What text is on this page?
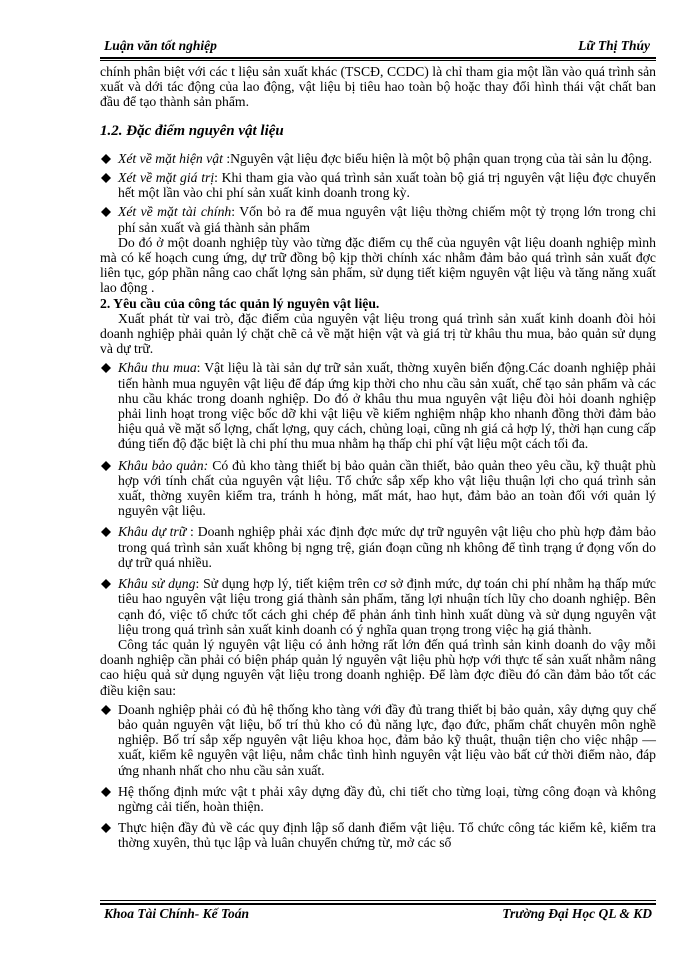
Luận văn tốt nghiệp	Lữ Thị Thúy

chính phân biệt với các t liệu sản xuất khác (TSCĐ, CCDC) là chỉ tham gia một lần vào quá trình sản xuất và dới tác động của lao động, vật liệu bị tiêu hao toàn bộ hoặc thay đổi hình thái vật chất ban đầu để tạo thành sản phẩm.

1.2. Đặc điểm nguyên vật liệu

Xét về mặt hiện vật :Nguyên vật liệu đợc biểu hiện là một bộ phận quan trọng của tài sản lu động.

Xét về mặt giá trị: Khi tham gia vào quá trình sản xuất toàn bộ giá trị nguyên vật liệu đợc chuyển hết một lần vào chi phí sản xuất kinh doanh trong kỳ.

Xét về mặt tài chính: Vốn bỏ ra để mua nguyên vật liệu thờng chiếm một tỷ trọng lớn trong chi phí sản xuất và giá thành sản phẩm

Do đó ở một doanh nghiệp tùy vào từng đặc điểm cụ thể của nguyên vật liệu doanh nghiệp mình mà có kế hoạch cung ứng, dự trữ đồng bộ kịp thời chính xác nhằm đảm bảo quá trình sản xuất đợc liên tục, góp phần nâng cao chất lợng sản phẩm, sử dụng tiết kiệm nguyên vật liệu và tăng năng xuất lao động .

2. Yêu cầu của công tác quản lý nguyên vật liệu.

Xuất phát từ vai trò, đặc điểm của nguyên vật liệu trong quá trình sản xuất kinh doanh đòi hỏi doanh nghiệp phải quản lý chặt chẽ cả về mặt hiện vật và giá trị từ khâu thu mua, bảo quản sử dụng và dự trữ.

Khâu thu mua: Vật liệu là tài sản dự trữ sản xuất, thờng xuyên biến động.Các doanh nghiệp phải tiến hành mua nguyên vật liệu để đáp ứng kịp thời cho nhu cầu sản xuất, chế tạo sản phẩm và các nhu cầu khác trong doanh nghiệp. Do đó ở khâu thu mua nguyên vật liệu đòi hỏi doanh nghiệp phải linh hoạt trong việc bốc dỡ khi vật liệu về kiểm nghiệm nhập kho nhanh đồng thời đảm bảo hiệu quả về mặt số lợng, chất lợng, quy cách, chủng loại, cũng nh giá cả hợp lý, thời hạn cung cấp đúng tiến độ đặc biệt là chi phí thu mua nhằm hạ thấp chi phí vật liệu một cách tối đa.

Khâu bảo quản: Có đủ kho tàng thiết bị bảo quản cần thiết, bảo quản theo yêu cầu, kỹ thuật phù hợp với tính chất của nguyên vật liệu. Tổ chức sắp xếp kho vật liệu thuận lợi cho quá trình sản xuất, thờng xuyên kiểm tra, tránh h hỏng, mất mát, hao hụt, đảm bảo an toàn đối với quản lý nguyên vật liệu.

Khâu dự trữ : Doanh nghiệp phải xác định đợc mức dự trữ nguyên vật liệu cho phù hợp đảm bảo trong quá trình sản xuất không bị ngng trệ, gián đoạn cũng nh không để tình trạng ứ đọng vốn do dự trữ quá nhiều.

Khâu sử dụng: Sử dụng hợp lý, tiết kiệm trên cơ sở định mức, dự toán chi phí nhằm hạ thấp mức tiêu hao nguyên vật liệu trong giá thành sản phẩm, tăng lợi nhuận tích lũy cho doanh nghiệp. Bên cạnh đó, việc tổ chức tốt cách ghi chép để phản ánh tình hình xuất dùng và sử dụng nguyên vật liệu trong quá trình sản xuất kinh doanh có ý nghĩa quan trọng trong việc hạ giá thành.

Công tác quản lý nguyên vật liệu có ảnh hởng rất lớn đến quá trình sản kinh doanh do vậy mỗi doanh nghiệp cần phải có biện pháp quản lý nguyên vật liệu phù hợp với thực tế sản xuất nhằm nâng cao hiệu quả sử dụng nguyên vật liệu trong doanh nghiệp. Để làm đợc điều đó cần đảm bảo tốt các điều kiện sau:

Doanh nghiệp phải có đủ hệ thống kho tàng với đầy đủ trang thiết bị bảo quản, xây dựng quy chế bảo quản nguyên vật liệu, bố trí thủ kho có đủ năng lực, đạo đức, phẩm chất chuyên môn nghề nghiệp. Bố trí sắp xếp nguyên vật liệu khoa học, đảm bảo kỹ thuật, thuận tiện cho việc nhập — xuất, kiểm kê nguyên vật liệu, nắm chắc tình hình nguyên vật liệu vào bất cứ thời điểm nào, đáp ứng nhanh nhất cho nhu cầu sản xuất.

Hệ thống định mức vật t phải xây dựng đầy đủ, chi tiết cho từng loại, từng công đoạn và không ngừng cải tiến, hoàn thiện.

Thực hiện đầy đủ về các quy định lập sổ danh điểm vật liệu. Tổ chức công tác kiểm kê, kiểm tra thờng xuyên, thủ tục lập và luân chuyển chứng từ, mở các sổ

Khoa Tài Chính- Kế Toán	Trường Đại Học QL & KD
